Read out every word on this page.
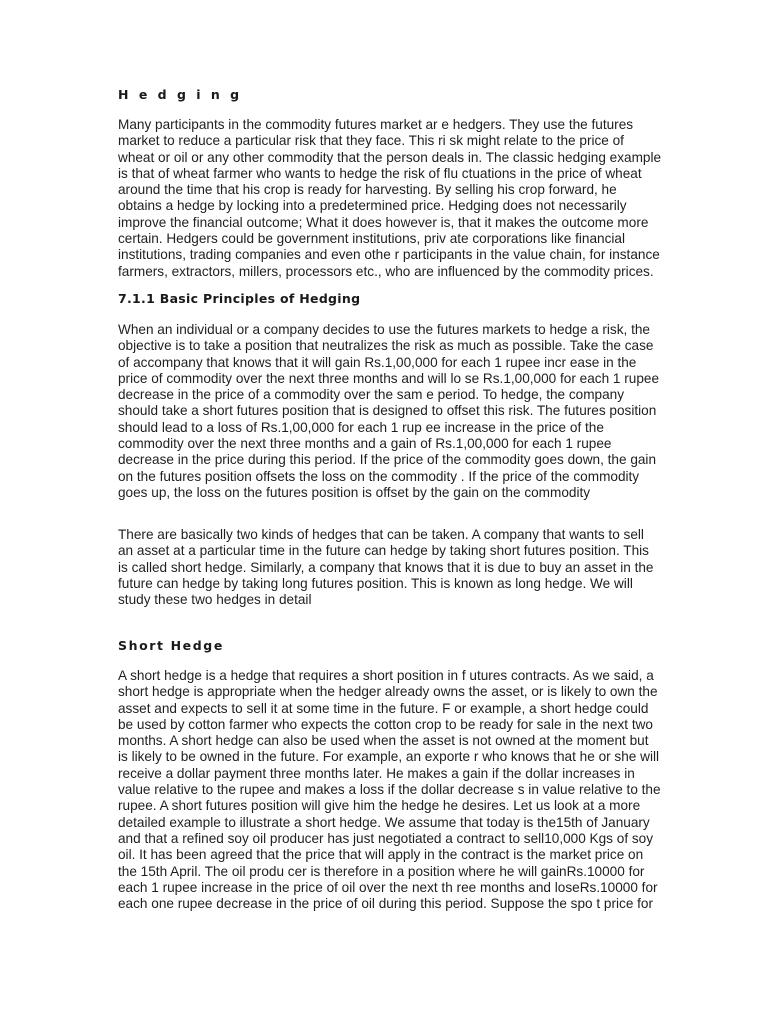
H e d g i n g

Many participants in the commodity futures market ar e hedgers. They use the futures
market to reduce a particular risk that they face. This ri sk might relate to the price of
wheat or oil or any other commodity that the person deals in. The classic hedging example
is that of wheat farmer who wants to hedge the risk of flu ctuations in the price of wheat
around the time that his crop is ready for harvesting. By selling his crop forward, he
obtains a hedge by locking into a predetermined price. Hedging does not necessarily
improve the financial outcome; What it does however is, that it makes the outcome more
certain. Hedgers could be government institutions, priv ate corporations like financial
institutions, trading companies and even othe r participants in the value chain, for instance
farmers, extractors, millers, processors etc., who are influenced by the commodity prices.

7.1.1 Basic Principles of Hedging

When an individual or a company decides to use the futures markets to hedge a risk, the
objective is to take a position that neutralizes the risk as much as possible. Take the case
of accompany that knows that it will gain Rs.1,00,000 for each 1 rupee incr ease in the
price of commodity over the next three months and will lo se Rs.1,00,000 for each 1 rupee
decrease in the price of a commodity over the sam e period. To hedge, the company
should take a short futures position that is designed to offset this risk. The futures position
should lead to a loss of Rs.1,00,000 for each 1 rup ee increase in the price of the
commodity over the next three months and a gain of Rs.1,00,000 for each 1 rupee
decrease in the price during this period. If the price of the commodity goes down, the gain
on the futures position offsets the loss on the commodity . If the price of the commodity
goes up, the loss on the futures position is offset by the gain on the commodity

There are basically two kinds of hedges that can be taken. A company that wants to sell
an asset at a particular time in the future can hedge by taking short futures position. This
is called short hedge. Similarly, a company that knows that it is due to buy an asset in the
future can hedge by taking long futures position. This is known as long hedge. We will
study these two hedges in detail

Short Hedge

A short hedge is a hedge that requires a short position in f utures contracts. As we said, a
short hedge is appropriate when the hedger already owns the asset, or is likely to own the
asset and expects to sell it at some time in the future. F or example, a short hedge could
be used by cotton farmer who expects the cotton crop to be ready for sale in the next two
months. A short hedge can also be used when the asset is not owned at the moment but
is likely to be owned in the future. For example, an exporte r who knows that he or she will
receive a dollar payment three months later. He makes a gain if the dollar increases in
value relative to the rupee and makes a loss if the dollar decrease s in value relative to the
rupee. A short futures position will give him the hedge he desires. Let us look at a more
detailed example to illustrate a short hedge. We assume that today is the15th of January
and that a refined soy oil producer has just negotiated a contract to sell10,000 Kgs of soy
oil. It has been agreed that the price that will apply in the contract is the market price on
the 15th April. The oil produ cer is therefore in a position where he will gainRs.10000 for
each 1 rupee increase in the price of oil over the next th ree months and loseRs.10000 for
each one rupee decrease in the price of oil during this period. Suppose the spo t price for
